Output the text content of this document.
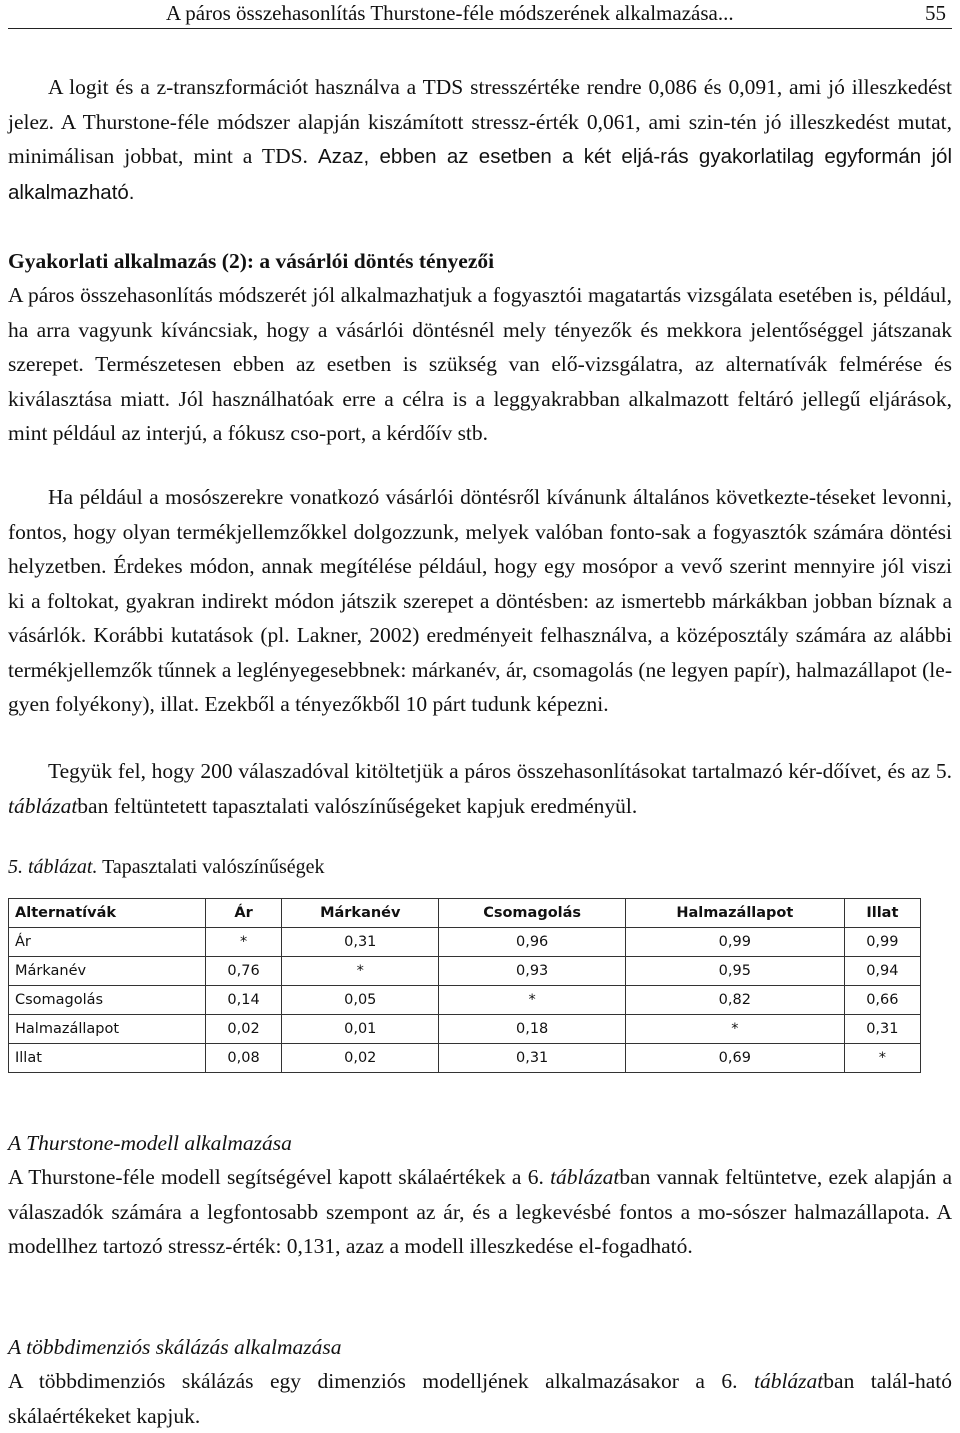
A páros összehasonlítás Thurstone-féle módszerének alkalmazása...	55

A logit és a z-transzformációt használva a TDS stresszértéke rendre 0,086 és 0,091, ami jó illeszkedést jelez. A Thurstone-féle módszer alapján kiszámított stressz-érték 0,061, ami szin-tén jó illeszkedést mutat, minimálisan jobbat, mint a TDS. Azaz, ebben az esetben a két eljá-rás gyakorlatilag egyformán jól alkalmazható.

Gyakorlati alkalmazás (2): a vásárlói döntés tényezői

A páros összehasonlítás módszerét jól alkalmazhatjuk a fogyasztói magatartás vizsgálata esetében is, például, ha arra vagyunk kíváncsiak, hogy a vásárlói döntésnél mely tényezők és mekkora jelentőséggel játszanak szerepet. Természetesen ebben az esetben is szükség van elő-vizsgálatra, az alternatívák felmérése és kiválasztása miatt. Jól használhatóak erre a célra is a leggyakrabban alkalmazott feltáró jellegű eljárások, mint például az interjú, a fókusz cso-port, a kérdőív stb.

Ha például a mosószerekre vonatkozó vásárlói döntésről kívánunk általános következte-téseket levonni, fontos, hogy olyan termékjellemzőkkel dolgozzunk, melyek valóban fonto-sak a fogyasztók számára döntési helyzetben. Érdekes módon, annak megítélése például, hogy egy mosópor a vevő szerint mennyire jól viszi ki a foltokat, gyakran indirekt módon játszik szerepet a döntésben: az ismertebb márkákban jobban bíznak a vásárlók. Korábbi kutatások (pl. Lakner, 2002) eredményeit felhasználva, a középosztály számára az alábbi termékjellemzők tűnnek a leglényegesebbnek: márkanév, ár, csomagolás (ne legyen papír), halmazállapot (le-gyen folyékony), illat. Ezekből a tényezőkből 10 párt tudunk képezni.

Tegyük fel, hogy 200 válaszadóval kitöltetjük a páros összehasonlításokat tartalmazó kér-dőívet, és az 5. táblázatban feltüntetett tapasztalati valószínűségeket kapjuk eredményül.

5. táblázat. Tapasztalati valószínűségek
Alternatívák	Ár	Márkanév	Csomagolás	Halmazállapot	Illat
Ár	*	0,31	0,96	0,99	0,99
Márkanév	0,76	*	0,93	0,95	0,94
Csomagolás	0,14	0,05	*	0,82	0,66
Halmazállapot	0,02	0,01	0,18	*	0,31
Illat	0,08	0,02	0,31	0,69	*
A Thurstone-modell alkalmazása

A Thurstone-féle modell segítségével kapott skálaértékek a 6. táblázatban vannak feltüntetve, ezek alapján a válaszadók számára a legfontosabb szempont az ár, és a legkevésbé fontos a mo-sószer halmazállapota. A modellhez tartozó stressz-érték: 0,131, azaz a modell illeszkedése el-fogadható.

A többdimenziós skálázás alkalmazása

A többdimenziós skálázás egy dimenziós modelljének alkalmazásakor a 6. táblázatban talál-ható skálaértékeket kapjuk.
